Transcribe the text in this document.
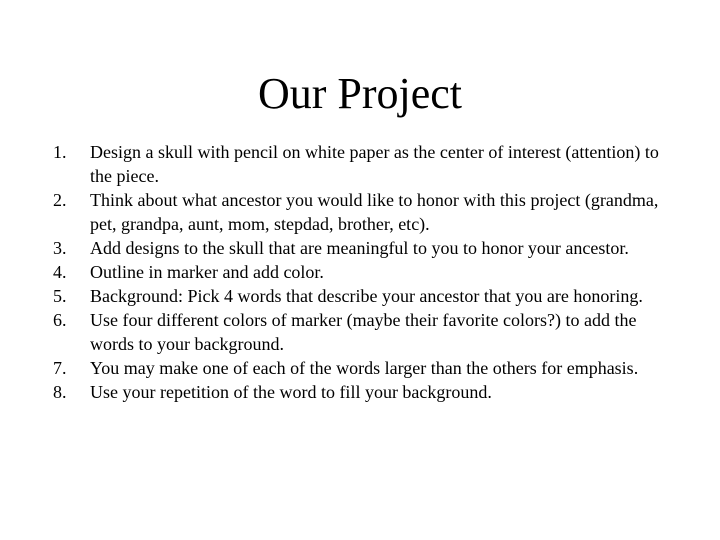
Our Project
1.	Design a skull with pencil on white paper as the center of interest (attention) to the piece.
2.	Think about what ancestor you would like to honor with this project (grandma, pet, grandpa, aunt, mom, stepdad, brother, etc).
3.	Add designs to the skull that are meaningful to you to honor your ancestor.
4.	Outline in marker and add color.
5.	Background: Pick 4 words that describe your ancestor that you are honoring.
6.	Use four different colors of marker (maybe their favorite colors?) to add the words to your background.
7.	You may make one of each of the words larger than the others for emphasis.
8.	Use your repetition of the word to fill your background.
